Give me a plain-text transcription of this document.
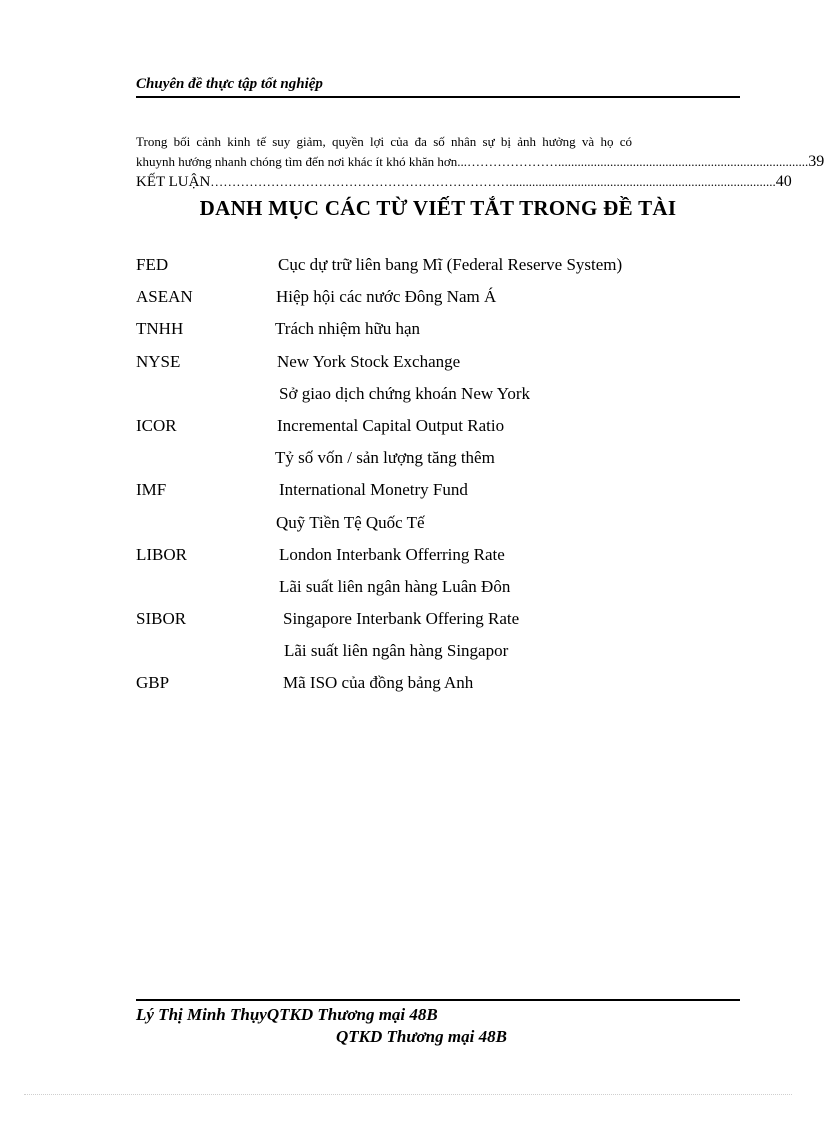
Chuyên đề thực tập tốt nghiệp
Trong bối cảnh kinh tế suy giảm, quyền lợi của đa số nhân sự bị ảnh hưởng và họ có
khuynh hướng nhanh chóng tìm đến nơi khác ít khó khăn hơn... …………………............................................................................. 39
KẾT LUẬN …………………………………………………………….................................................................................. 40
DANH MỤC CÁC TỪ VIẾT TẮT TRONG ĐỀ TÀI
FED	Cục dự trữ liên bang Mĩ (Federal Reserve System)
ASEAN	Hiệp hội các nước Đông Nam Á
TNHH	Trách nhiệm hữu hạn
NYSE	New York Stock Exchange
Sở giao dịch chứng khoán New York
ICOR	Incremental Capital Output Ratio
Tỷ số vốn / sản lượng tăng thêm
IMF	International Monetry Fund
Quỹ Tiền Tệ Quốc Tế
LIBOR	London Interbank Offerring Rate
Lãi suất liên ngân hàng Luân Đôn
SIBOR	Singapore Interbank Offering Rate
Lãi suất liên ngân hàng Singapor
GBP	Mã ISO của đồng bảng Anh
Lý Thị Minh ThụyQTKD Thương mại 48B
QTKD Thương mại 48B
